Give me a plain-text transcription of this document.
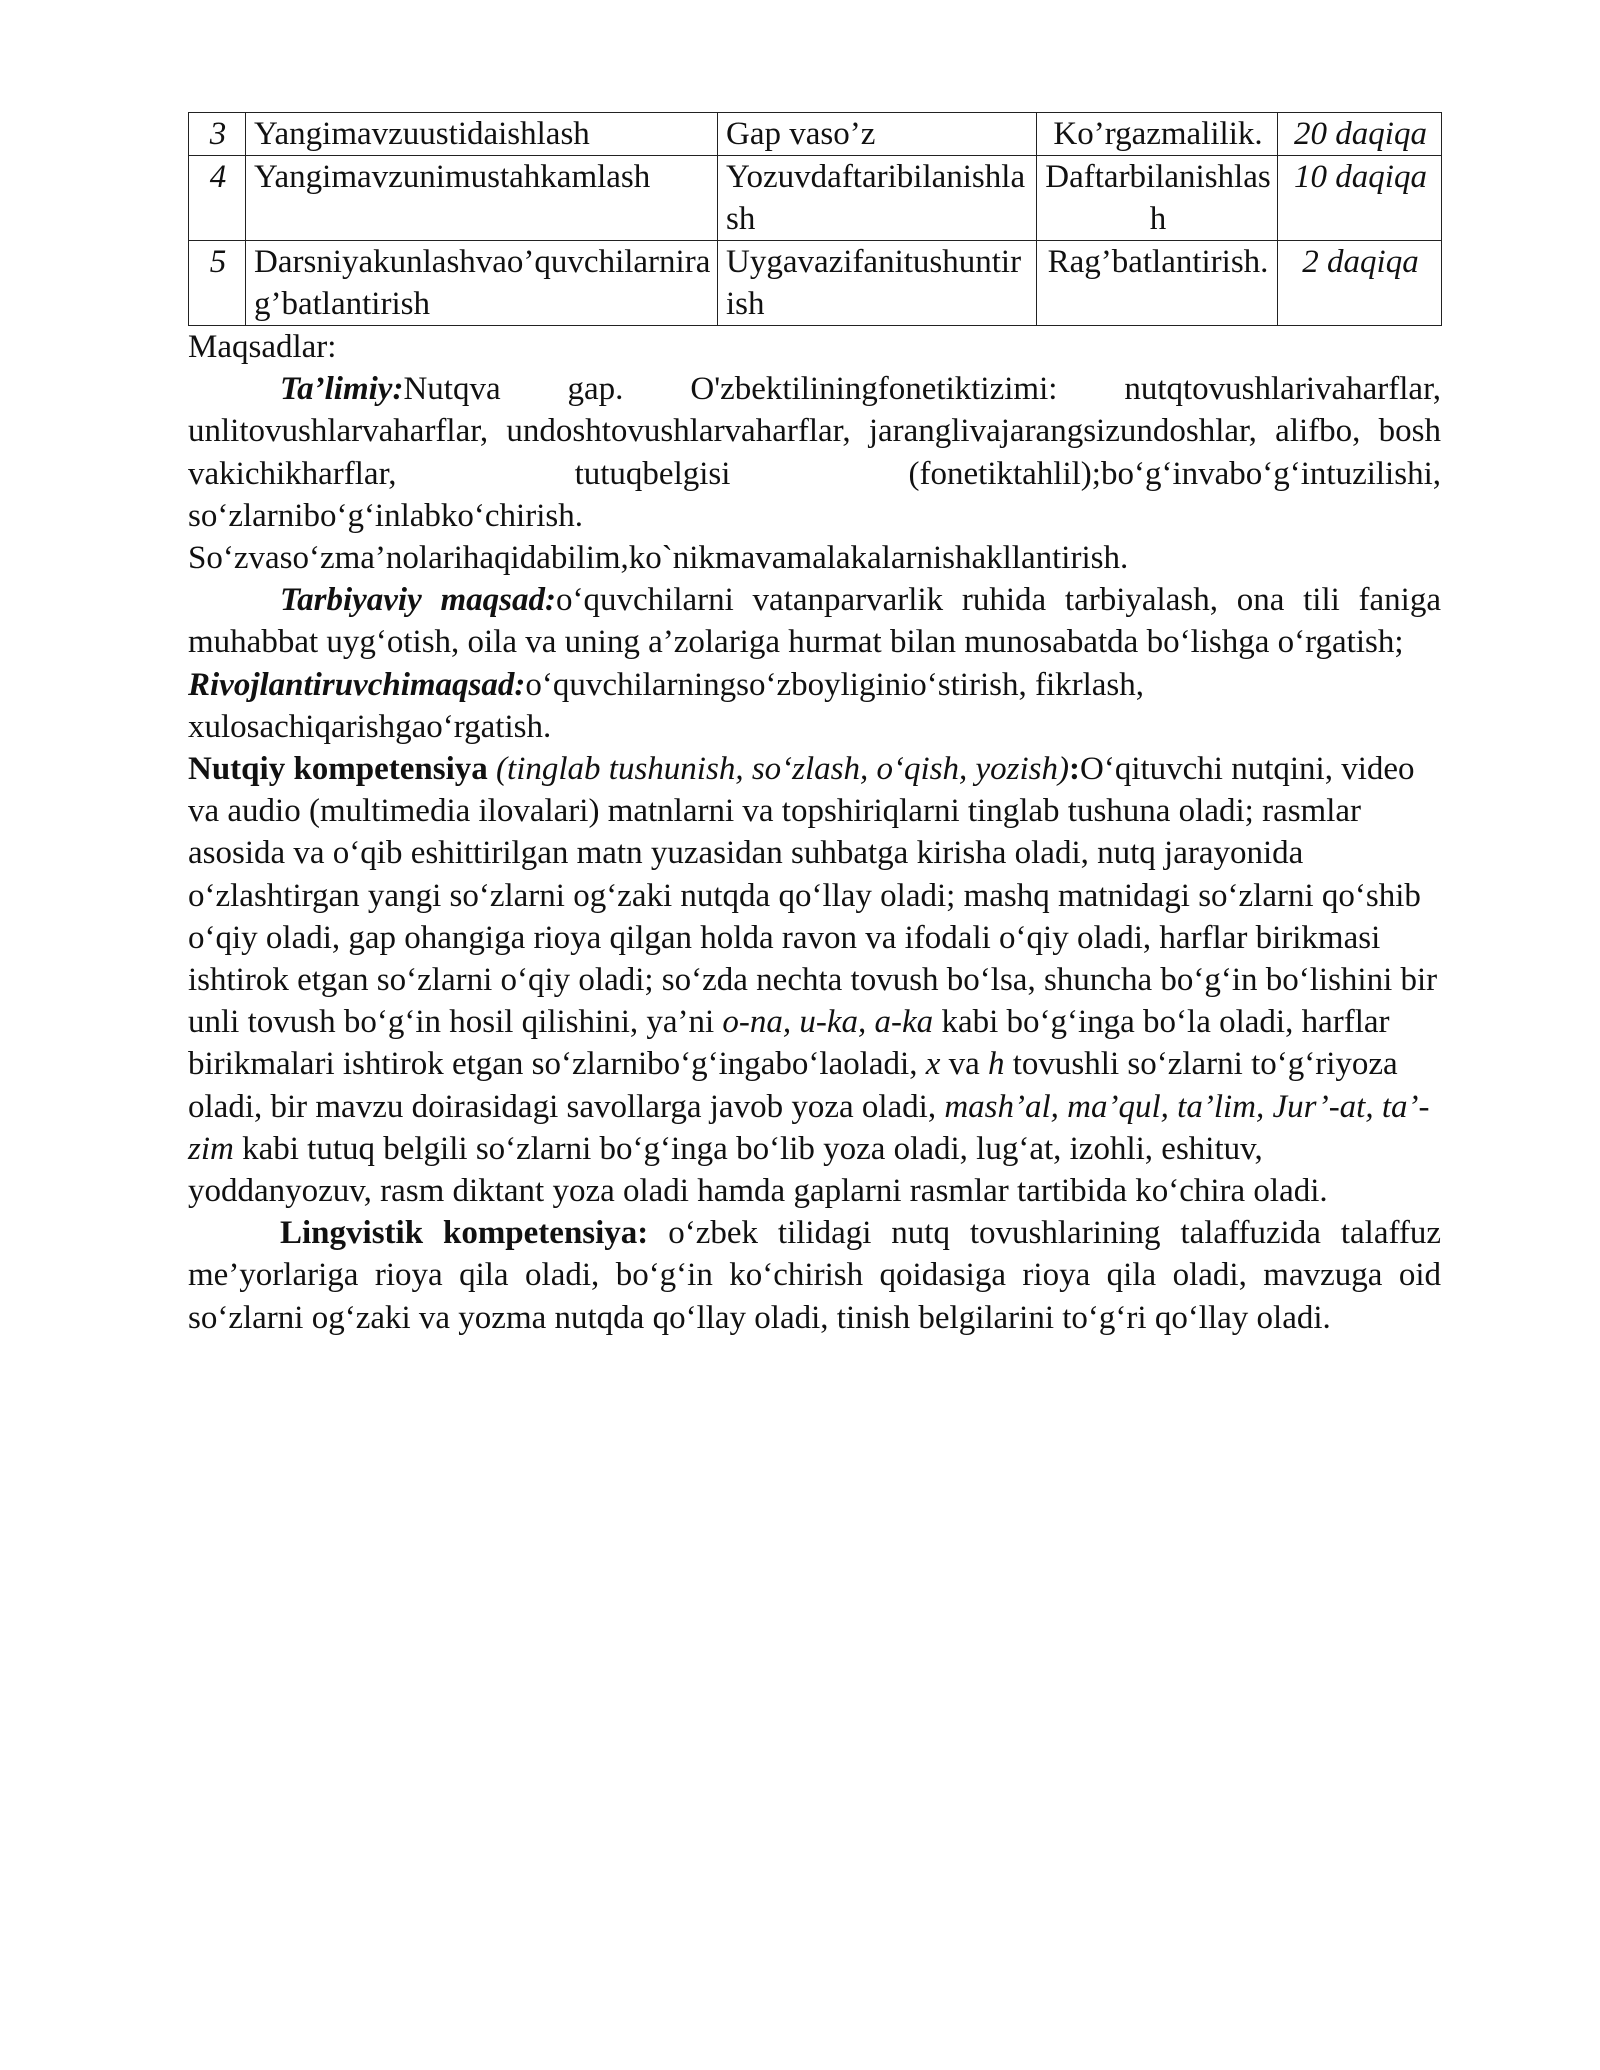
3	Yangimavzuustidaishlash	Gap vaso’z	Ko’rgazmalilik.	20 daqiqa
4	Yangimavzunimustahkamlash	Yozuvdaftaribilanishlash	Daftarbilanishlash	10 daqiqa
5	Darsniyakunlashvao’quvchilarnirag’batlantirish	Uygavazifanitushuntirish	Rag’batlantirish.	2 daqiqa

Maqsadlar:

Ta’limiy:Nutqva gap. O'zbektiliningfonetiktizimi: nutqtovushlarivaharflar, unlitovushlarvaharflar, undoshtovushlarvaharflar, jaranglivajarangsizundoshlar, alifbo, bosh vakichikharflar, tutuqbelgisi (fonetiktahlil);bo‘g‘invabo‘g‘intuzilishi, so‘zlarnibo‘g‘inlabko‘chirish.

So‘zvaso‘zma’nolarihaqidabilim,ko`nikmavamalakalarnishakllantirish.

Tarbiyaviy maqsad:o‘quvchilarni vatanparvarlik ruhida tarbiyalash, ona tili faniga muhabbat uyg‘otish, oila va uning a’zolariga hurmat bilan munosabatda bo‘lishga o‘rgatish;

Rivojlantiruvchimaqsad:o‘quvchilarningso‘zboyliginio‘stirish, fikrlash, xulosachiqarishgao‘rgatish.

Nutqiy kompetensiya (tinglab tushunish, so‘zlash, o‘qish, yozish):O‘qituvchi nutqini, video va audio (multimedia ilovalari) matnlarni va topshiriqlarni tinglab tushuna oladi; rasmlar asosida va o‘qib eshittirilgan matn yuzasidan suhbatga kirisha oladi, nutq jarayonida o‘zlashtirgan yangi so‘zlarni og‘zaki nutqda qo‘llay oladi; mashq matnidagi so‘zlarni qo‘shib o‘qiy oladi, gap ohangiga rioya qilgan holda ravon va ifodali o‘qiy oladi, harflar birikmasi ishtirok etgan so‘zlarni o‘qiy oladi; so‘zda nechta tovush bo‘lsa, shuncha bo‘g‘in bo‘lishini bir unli tovush bo‘g‘in hosil qilishini, ya’ni o-na, u-ka, a-ka kabi bo‘g‘inga bo‘la oladi, harflar birikmalari ishtirok etgan so‘zlarnibo‘g‘ingabo‘laoladi, x va h tovushli so‘zlarni to‘g‘riyoza oladi, bir mavzu doirasidagi savollarga javob yoza oladi, mash’al, ma’qul, ta’lim, Jur’-at, ta’-zim kabi tutuq belgili so‘zlarni bo‘g‘inga bo‘lib yoza oladi, lug‘at, izohli, eshituv, yoddanyozuv, rasm diktant yoza oladi hamda gaplarni rasmlar tartibida ko‘chira oladi.

Lingvistik kompetensiya: o‘zbek tilidagi nutq tovushlarining talaffuzida talaffuz me’yorlariga rioya qila oladi, bo‘g‘in ko‘chirish qoidasiga rioya qila oladi, mavzuga oid so‘zlarni og‘zaki va yozma nutqda qo‘llay oladi, tinish belgilarini to‘g‘ri qo‘llay oladi.
